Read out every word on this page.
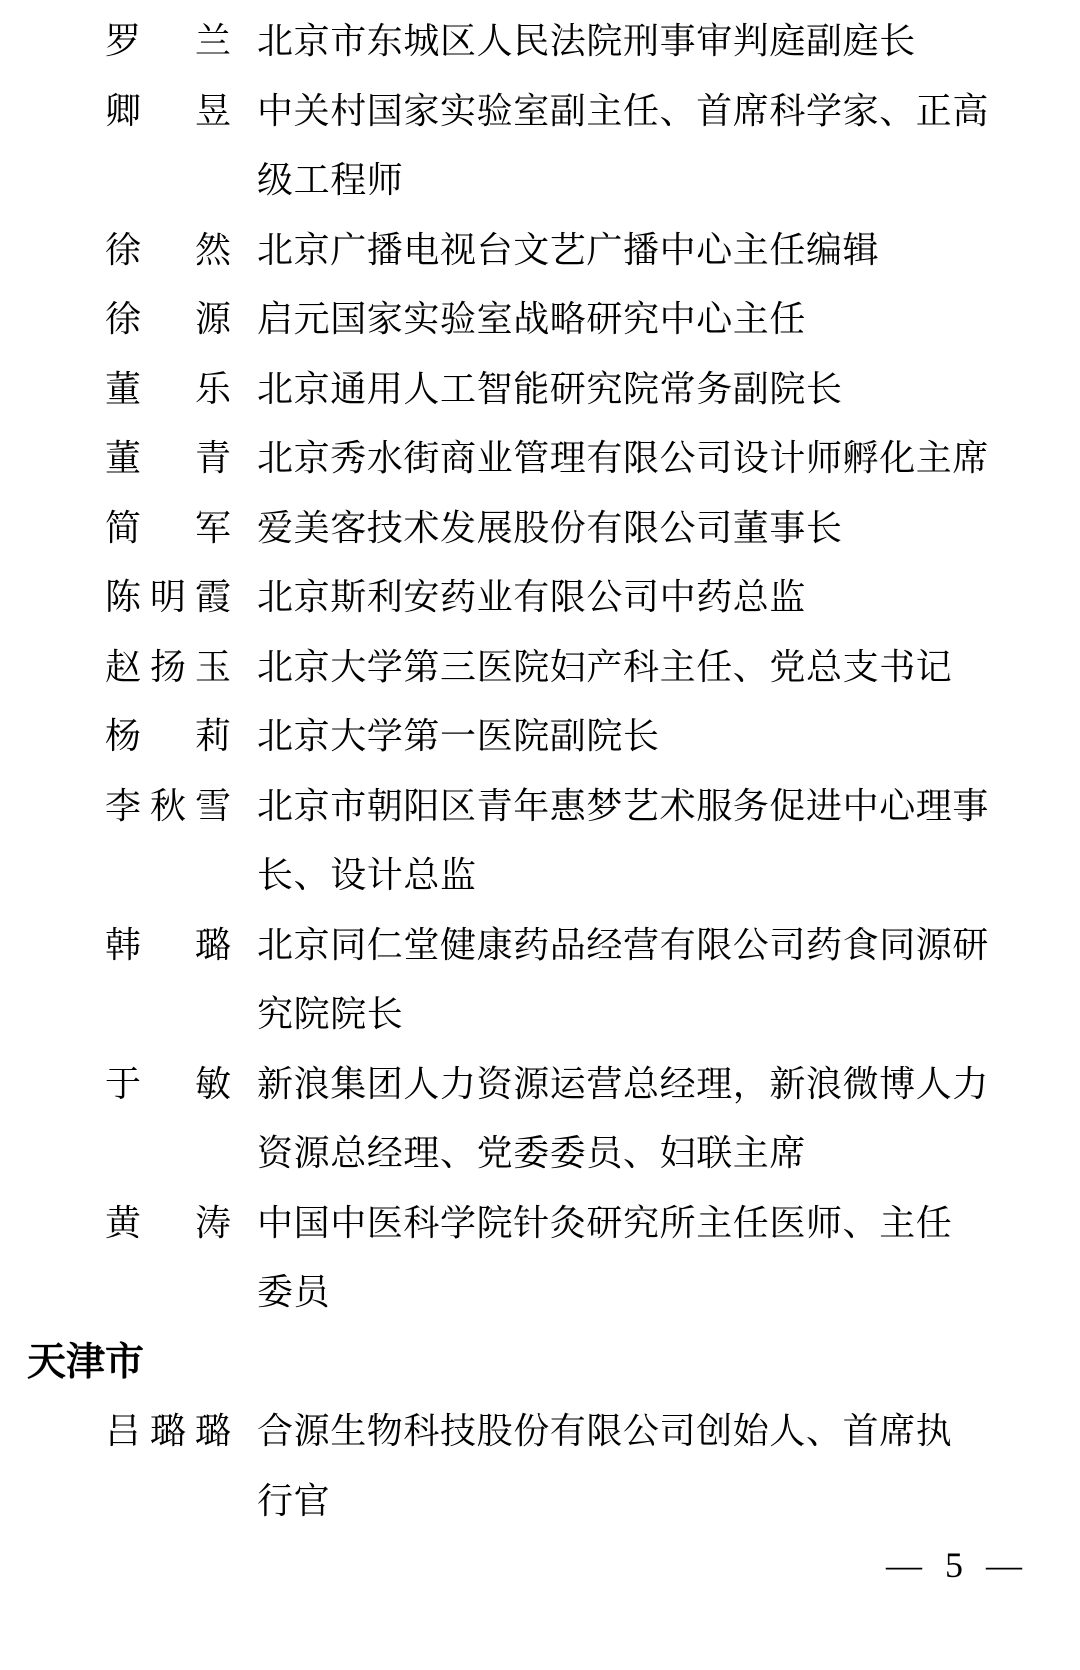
罗兰 北京市东城区人民法院刑事审判庭副庭长
卿昱 中关村国家实验室副主任、首席科学家、正高
级工程师
徐然 北京广播电视台文艺广播中心主任编辑
徐源 启元国家实验室战略研究中心主任
董乐 北京通用人工智能研究院常务副院长
董青 北京秀水街商业管理有限公司设计师孵化主席
简军 爱美客技术发展股份有限公司董事长
陈明霞 北京斯利安药业有限公司中药总监
赵扬玉 北京大学第三医院妇产科主任、党总支书记
杨莉 北京大学第一医院副院长
李秋雪 北京市朝阳区青年惠梦艺术服务促进中心理事
长、设计总监
韩璐 北京同仁堂健康药品经营有限公司药食同源研
究院院长
于敏 新浪集团人力资源运营总经理，新浪微博人力
资源总经理、党委委员、妇联主席
黄涛 中国中医科学院针灸研究所主任医师、主任
委员
天津市
吕璐璐 合源生物科技股份有限公司创始人、首席执
行官
— 5 —
